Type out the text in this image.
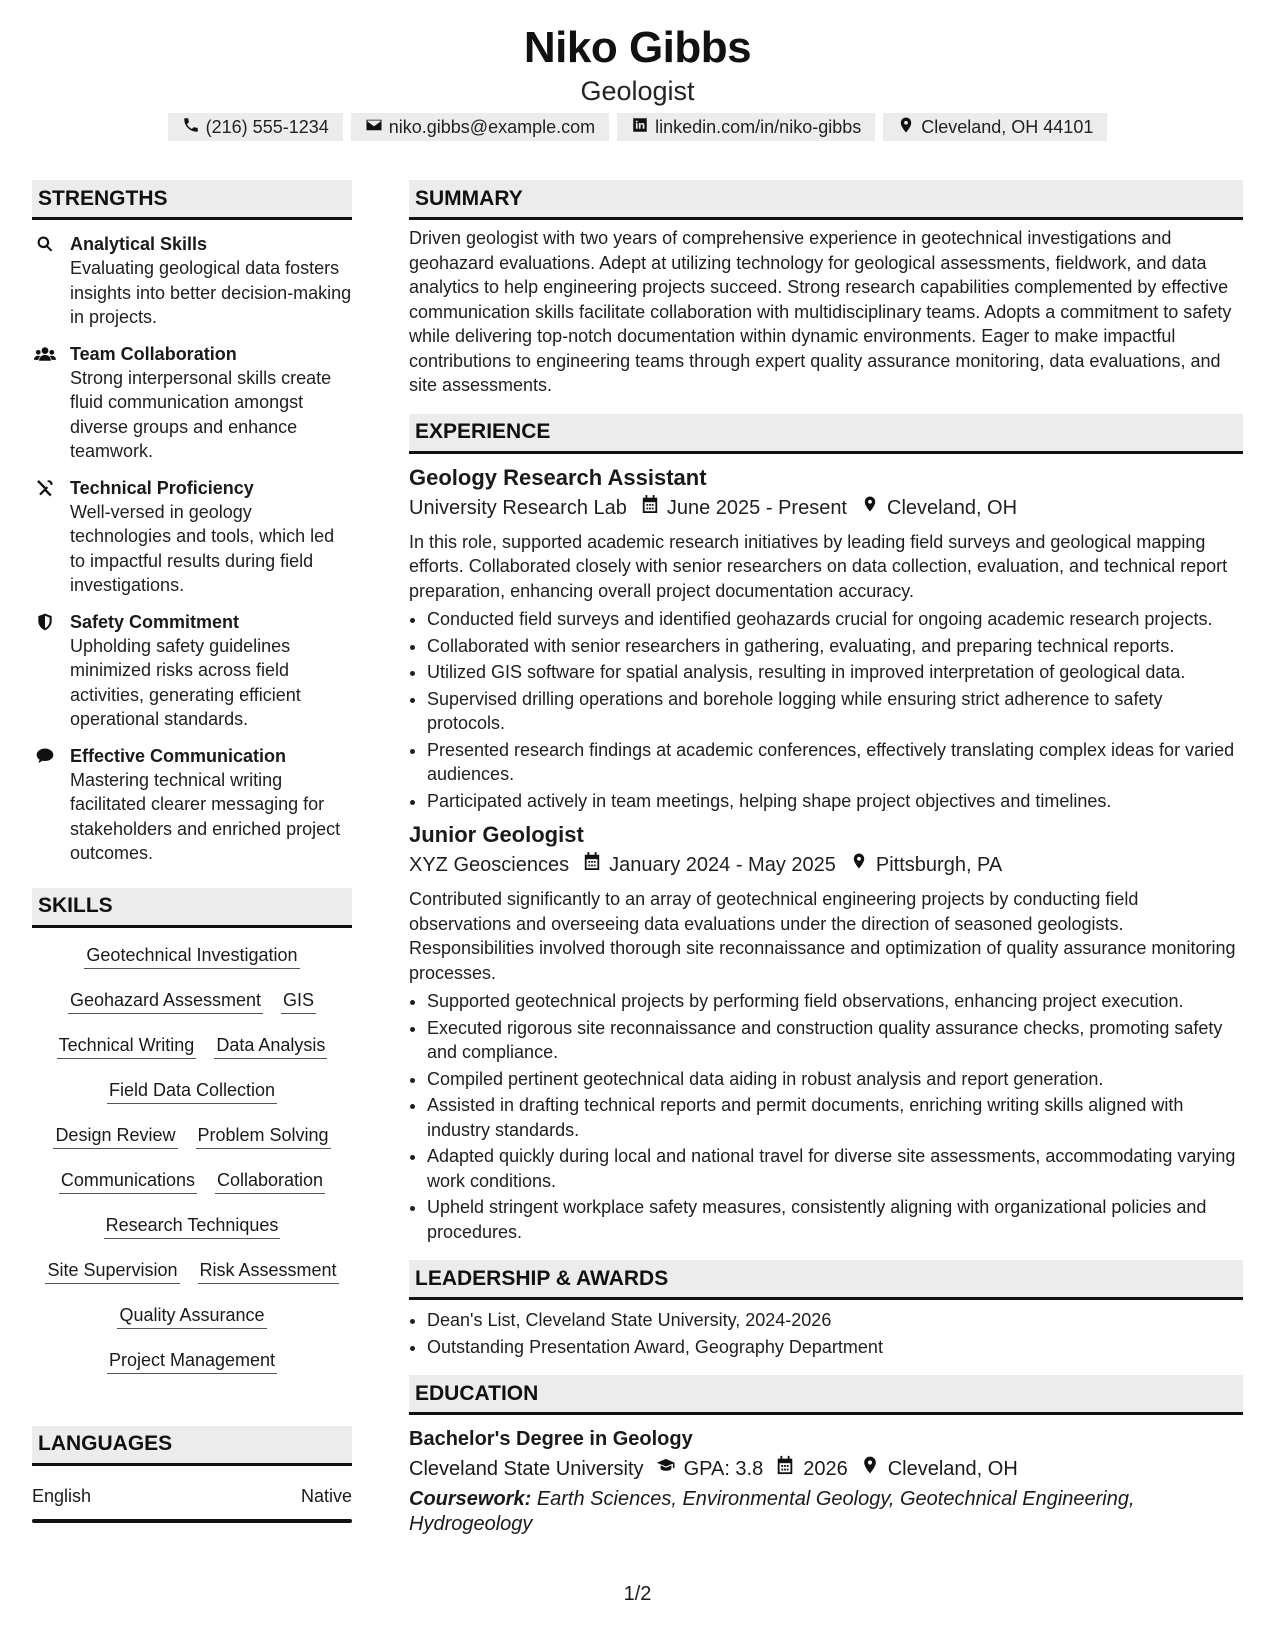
Niko Gibbs
Geologist
(216) 555-1234	niko.gibbs@example.com	linkedin.com/in/niko-gibbs	Cleveland, OH 44101
STRENGTHS
Analytical Skills
Evaluating geological data fosters insights into better decision-making in projects.
Team Collaboration
Strong interpersonal skills create fluid communication amongst diverse groups and enhance teamwork.
Technical Proficiency
Well-versed in geology technologies and tools, which led to impactful results during field investigations.
Safety Commitment
Upholding safety guidelines minimized risks across field activities, generating efficient operational standards.
Effective Communication
Mastering technical writing facilitated clearer messaging for stakeholders and enriched project outcomes.
SKILLS
Geotechnical Investigation
Geohazard Assessment GIS
Technical Writing Data Analysis
Field Data Collection
Design Review Problem Solving
Communications Collaboration
Research Techniques
Site Supervision Risk Assessment
Quality Assurance
Project Management
LANGUAGES
English	Native
SUMMARY
Driven geologist with two years of comprehensive experience in geotechnical investigations and geohazard evaluations. Adept at utilizing technology for geological assessments, fieldwork, and data analytics to help engineering projects succeed. Strong research capabilities complemented by effective communication skills facilitate collaboration with multidisciplinary teams. Adopts a commitment to safety while delivering top-notch documentation within dynamic environments. Eager to make impactful contributions to engineering teams through expert quality assurance monitoring, data evaluations, and site assessments.
EXPERIENCE
Geology Research Assistant
University Research Lab June 2025 - Present Cleveland, OH
In this role, supported academic research initiatives by leading field surveys and geological mapping efforts. Collaborated closely with senior researchers on data collection, evaluation, and technical report preparation, enhancing overall project documentation accuracy.
• Conducted field surveys and identified geohazards crucial for ongoing academic research projects.
• Collaborated with senior researchers in gathering, evaluating, and preparing technical reports.
• Utilized GIS software for spatial analysis, resulting in improved interpretation of geological data.
• Supervised drilling operations and borehole logging while ensuring strict adherence to safety protocols.
• Presented research findings at academic conferences, effectively translating complex ideas for varied audiences.
• Participated actively in team meetings, helping shape project objectives and timelines.
Junior Geologist
XYZ Geosciences January 2024 - May 2025 Pittsburgh, PA
Contributed significantly to an array of geotechnical engineering projects by conducting field observations and overseeing data evaluations under the direction of seasoned geologists. Responsibilities involved thorough site reconnaissance and optimization of quality assurance monitoring processes.
• Supported geotechnical projects by performing field observations, enhancing project execution.
• Executed rigorous site reconnaissance and construction quality assurance checks, promoting safety and compliance.
• Compiled pertinent geotechnical data aiding in robust analysis and report generation.
• Assisted in drafting technical reports and permit documents, enriching writing skills aligned with industry standards.
• Adapted quickly during local and national travel for diverse site assessments, accommodating varying work conditions.
• Upheld stringent workplace safety measures, consistently aligning with organizational policies and procedures.
LEADERSHIP & AWARDS
• Dean's List, Cleveland State University, 2024-2026
• Outstanding Presentation Award, Geography Department
EDUCATION
Bachelor's Degree in Geology
Cleveland State University GPA: 3.8 2026 Cleveland, OH
Coursework: Earth Sciences, Environmental Geology, Geotechnical Engineering, Hydrogeology
1/2
